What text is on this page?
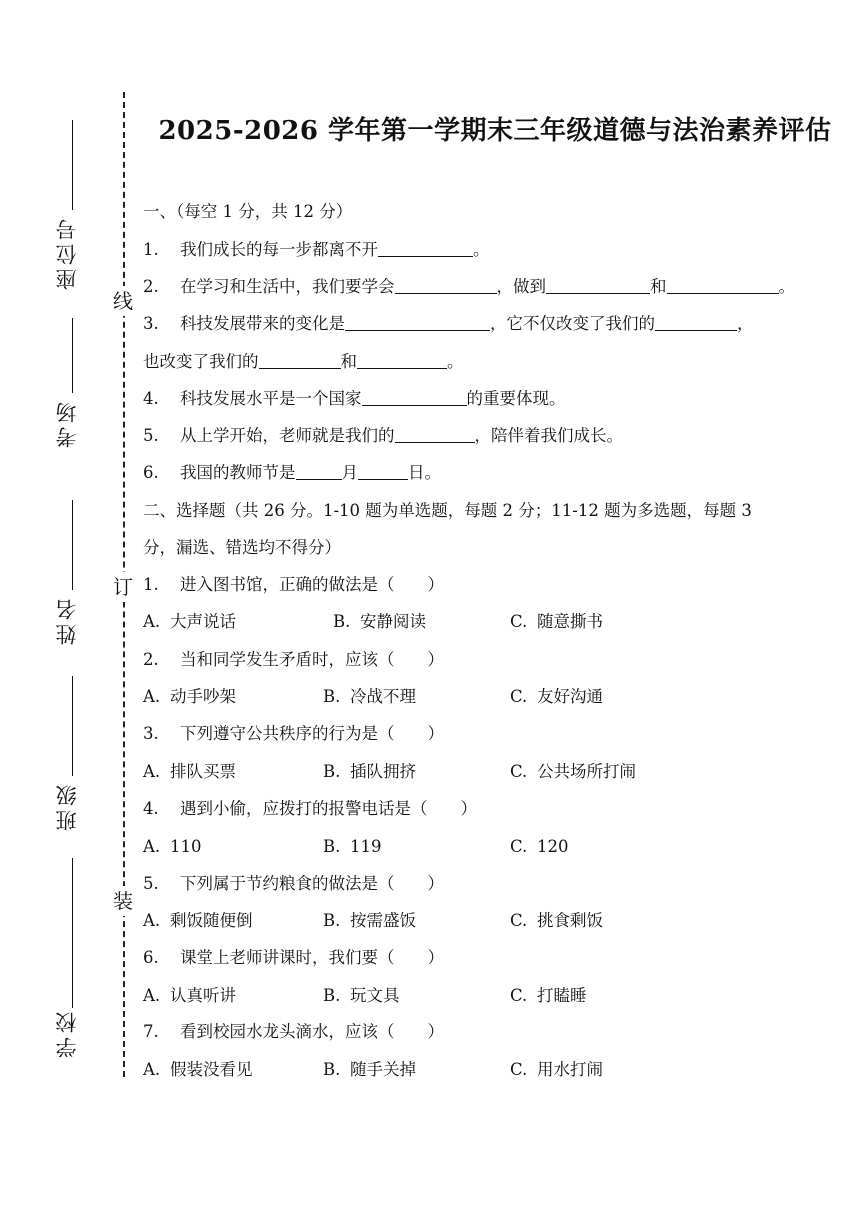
座位号
考场
姓名
班级
学校
线
订
装
2025-2026 学年第一学期末三年级道德与法治素养评估
一、（每空 1 分，共 12 分）
1. 我们成长的每一步都离不开	。
2. 在学习和生活中，我们要学会	，做到	和	。
3. 科技发展带来的变化是	，它不仅改变了我们的	，
也改变了我们的	和	。
4. 科技发展水平是一个国家	的重要体现。
5. 从上学开始，老师就是我们的	，陪伴着我们成长。
6. 我国的教师节是	月	日。
二、选择题（共 26 分。1-10 题为单选题，每题 2 分；11-12 题为多选题，每题 3
分，漏选、错选均不得分）
1. 进入图书馆，正确的做法是（　　）
A. 大声说话	B. 安静阅读	C. 随意撕书
2. 当和同学发生矛盾时，应该（　　）
A. 动手吵架	B. 冷战不理	C. 友好沟通
3. 下列遵守公共秩序的行为是（　　）
A. 排队买票	B. 插队拥挤	C. 公共场所打闹
4. 遇到小偷，应拨打的报警电话是（　　）
A. 110	B. 119	C. 120
5. 下列属于节约粮食的做法是（　　）
A. 剩饭随便倒	B. 按需盛饭	C. 挑食剩饭
6. 课堂上老师讲课时，我们要（　　）
A. 认真听讲	B. 玩文具	C. 打瞌睡
7. 看到校园水龙头滴水，应该（　　）
A. 假装没看见	B. 随手关掉	C. 用水打闹
